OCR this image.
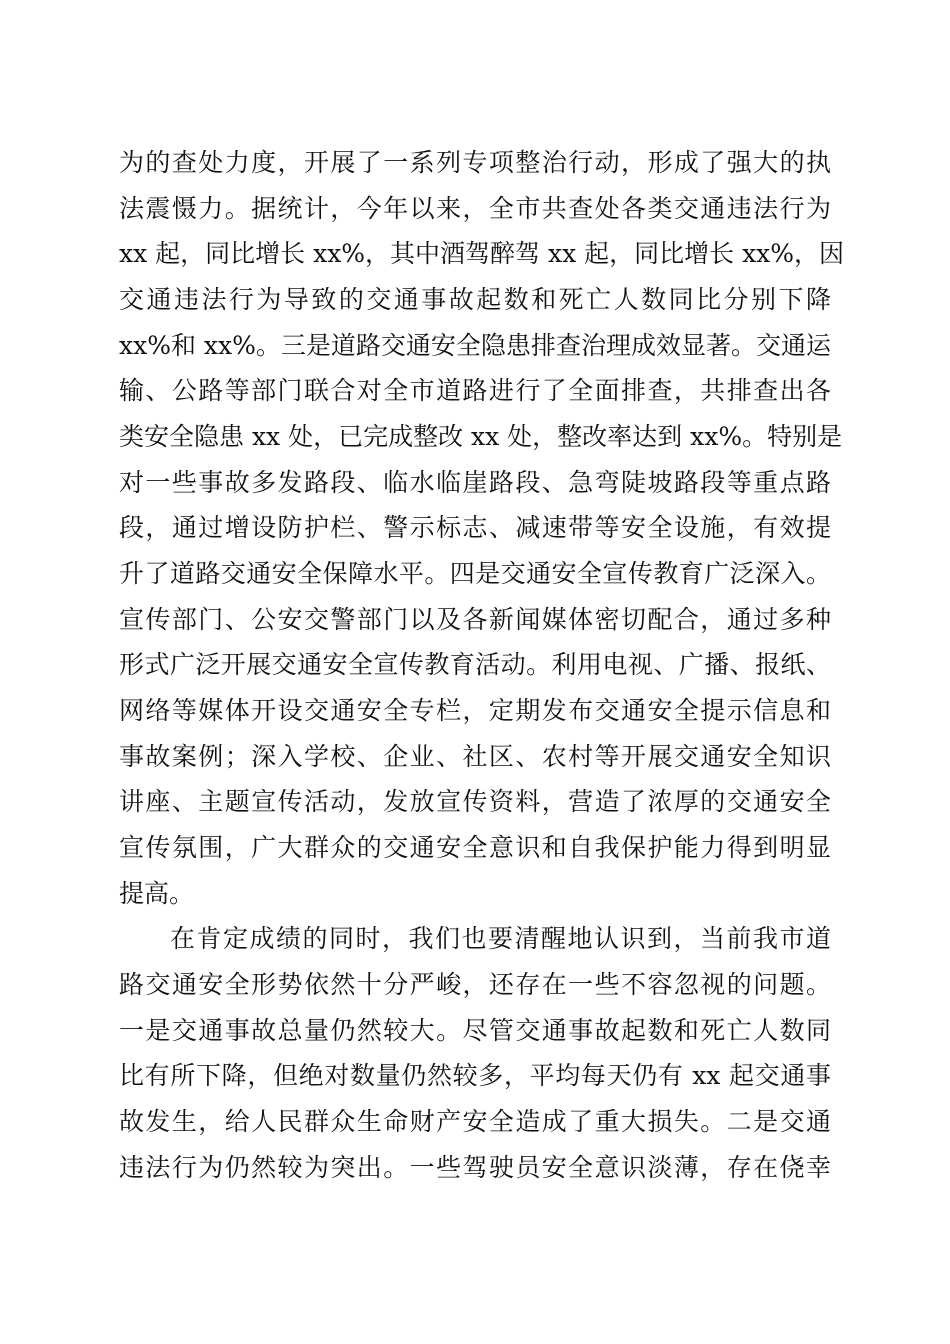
为的查处力度，开展了一系列专项整治行动，形成了强大的执
法震慑力。据统计，今年以来，全市共查处各类交通违法行为
xx 起，同比增长 xx%，其中酒驾醉驾 xx 起，同比增长 xx%，因
交通违法行为导致的交通事故起数和死亡人数同比分别下降
xx%和 xx%。三是道路交通安全隐患排查治理成效显著。交通运
输、公路等部门联合对全市道路进行了全面排查，共排查出各
类安全隐患 xx 处，已完成整改 xx 处，整改率达到 xx%。特别是
对一些事故多发路段、临水临崖路段、急弯陡坡路段等重点路
段，通过增设防护栏、警示标志、减速带等安全设施，有效提
升了道路交通安全保障水平。四是交通安全宣传教育广泛深入。
宣传部门、公安交警部门以及各新闻媒体密切配合，通过多种
形式广泛开展交通安全宣传教育活动。利用电视、广播、报纸、
网络等媒体开设交通安全专栏，定期发布交通安全提示信息和
事故案例；深入学校、企业、社区、农村等开展交通安全知识
讲座、主题宣传活动，发放宣传资料，营造了浓厚的交通安全
宣传氛围，广大群众的交通安全意识和自我保护能力得到明显
提高。
在肯定成绩的同时，我们也要清醒地认识到，当前我市道
路交通安全形势依然十分严峻，还存在一些不容忽视的问题。
一是交通事故总量仍然较大。尽管交通事故起数和死亡人数同
比有所下降，但绝对数量仍然较多，平均每天仍有 xx 起交通事
故发生，给人民群众生命财产安全造成了重大损失。二是交通
违法行为仍然较为突出。一些驾驶员安全意识淡薄，存在侥幸
